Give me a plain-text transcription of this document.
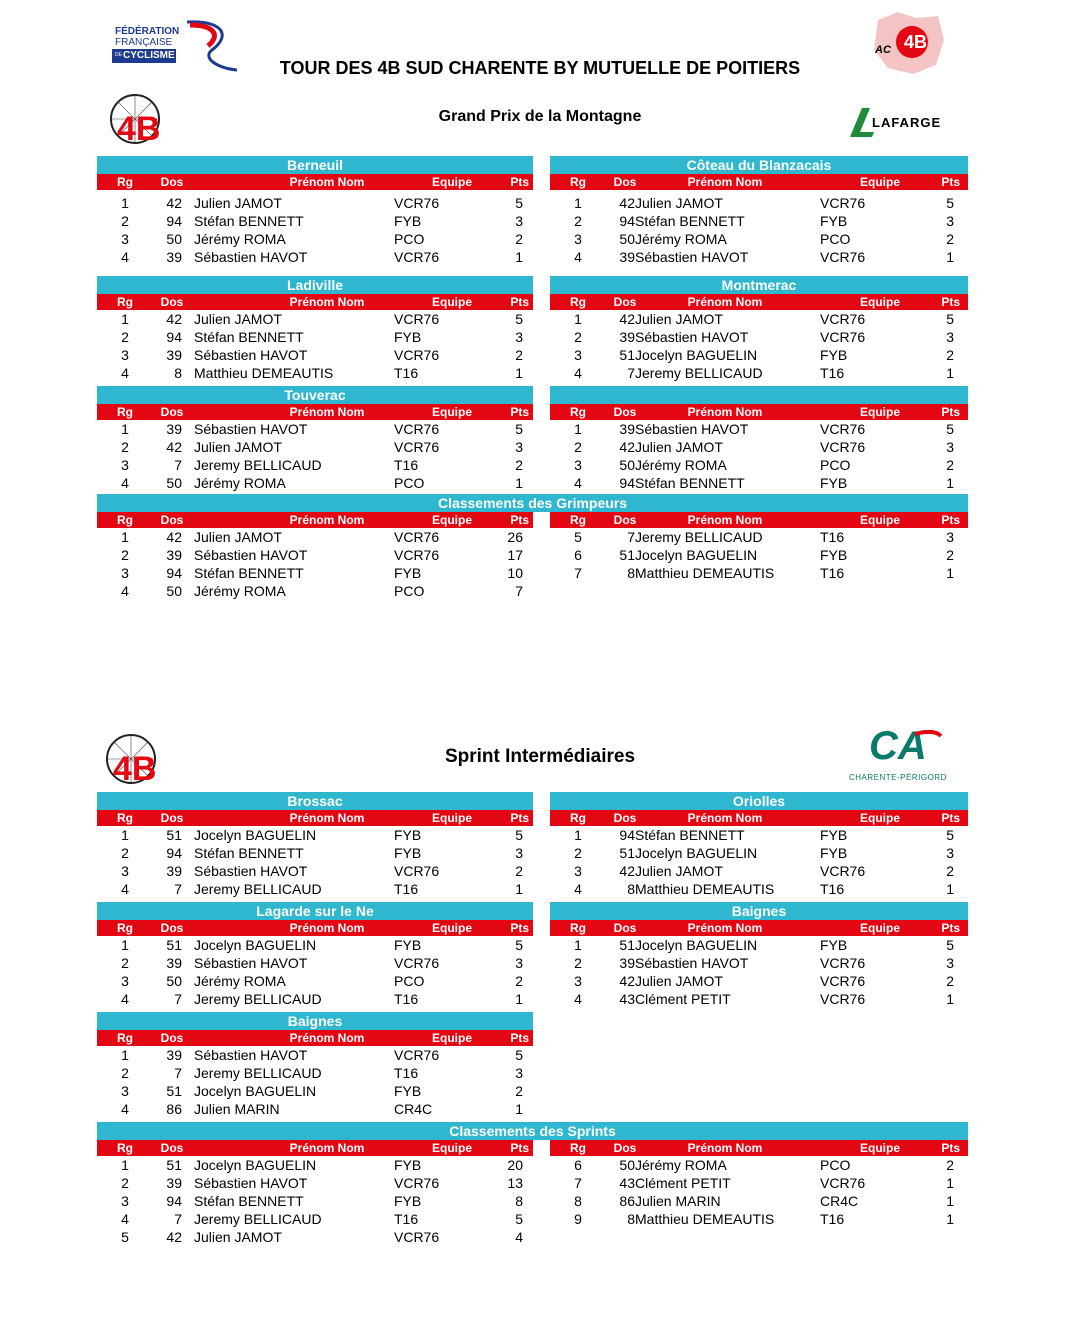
FÉDÉRATION
FRANÇAISE
DE CYCLISME
TOUR DES 4B SUD CHARENTE BY MUTUELLE DE POITIERS
4B
AC
4B	Grand Prix de la Montagne	LAFARGE
Berneuil
Rg	Dos	Prénom Nom	Equipe	Pts
1	42 Julien JAMOT	VCR76	5
2	94 Stéfan BENNETT	FYB	3
3	50 Jérémy ROMA	PCO	2
4	39 Sébastien HAVOT	VCR76	1
Côteau du Blanzacais
Rg	Dos	Prénom Nom	Equipe	Pts
1	42 Julien JAMOT	VCR76	5
2	94 Stéfan BENNETT	FYB	3
3	50 Jérémy ROMA	PCO	2
4	39 Sébastien HAVOT	VCR76	1
Ladiville
Rg	Dos	Prénom Nom	Equipe	Pts
1	42 Julien JAMOT	VCR76	5
2	94 Stéfan BENNETT	FYB	3
3	39 Sébastien HAVOT	VCR76	2
4	8 Matthieu DEMEAUTIS	T16	1
Montmerac
Rg	Dos	Prénom Nom	Equipe	Pts
1	42 Julien JAMOT	VCR76	5
2	39 Sébastien HAVOT	VCR76	3
3	51 Jocelyn BAGUELIN	FYB	2
4	7 Jeremy BELLICAUD	T16	1
Touverac
Rg	Dos	Prénom Nom	Equipe	Pts
1	39 Sébastien HAVOT	VCR76	5
2	42 Julien JAMOT	VCR76	3
3	7 Jeremy BELLICAUD	T16	2
4	50 Jérémy ROMA	PCO	1
Rg	Dos	Prénom Nom	Equipe	Pts
1	39 Sébastien HAVOT	VCR76	5
2	42 Julien JAMOT	VCR76	3
3	50 Jérémy ROMA	PCO	2
4	94 Stéfan BENNETT	FYB	1
Classements des Grimpeurs
Rg	Dos	Prénom Nom	Equipe	Pts
1	42 Julien JAMOT	VCR76	26
2	39 Sébastien HAVOT	VCR76	17
3	94 Stéfan BENNETT	FYB	10
4	50 Jérémy ROMA	PCO	7
Rg	Dos	Prénom Nom	Equipe	Pts
5	7 Jeremy BELLICAUD	T16	3
6	51 Jocelyn BAGUELIN	FYB	2
7	8 Matthieu DEMEAUTIS	T16	1
4B	Sprint Intermédiaires	CA
CHARENTE-PÉRIGORD
Brossac
Rg	Dos	Prénom Nom	Equipe	Pts
1	51 Jocelyn BAGUELIN	FYB	5
2	94 Stéfan BENNETT	FYB	3
3	39 Sébastien HAVOT	VCR76	2
4	7 Jeremy BELLICAUD	T16	1
Oriolles
Rg	Dos	Prénom Nom	Equipe	Pts
1	94 Stéfan BENNETT	FYB	5
2	51 Jocelyn BAGUELIN	FYB	3
3	42 Julien JAMOT	VCR76	2
4	8 Matthieu DEMEAUTIS	T16	1
Lagarde sur le Ne
Rg	Dos	Prénom Nom	Equipe	Pts
1	51 Jocelyn BAGUELIN	FYB	5
2	39 Sébastien HAVOT	VCR76	3
3	50 Jérémy ROMA	PCO	2
4	7 Jeremy BELLICAUD	T16	1
Baignes
Rg	Dos	Prénom Nom	Equipe	Pts
1	51 Jocelyn BAGUELIN	FYB	5
2	39 Sébastien HAVOT	VCR76	3
3	42 Julien JAMOT	VCR76	2
4	43 Clément PETIT	VCR76	1
Baignes
Rg	Dos	Prénom Nom	Equipe	Pts
1	39 Sébastien HAVOT	VCR76	5
2	7 Jeremy BELLICAUD	T16	3
3	51 Jocelyn BAGUELIN	FYB	2
4	86 Julien MARIN	CR4C	1
Classements des Sprints
Rg	Dos	Prénom Nom	Equipe	Pts
1	51 Jocelyn BAGUELIN	FYB	20
2	39 Sébastien HAVOT	VCR76	13
3	94 Stéfan BENNETT	FYB	8
4	7 Jeremy BELLICAUD	T16	5
5	42 Julien JAMOT	VCR76	4
Rg	Dos	Prénom Nom	Equipe	Pts
6	50 Jérémy ROMA	PCO	2
7	43 Clément PETIT	VCR76	1
8	86 Julien MARIN	CR4C	1
9	8 Matthieu DEMEAUTIS	T16	1
